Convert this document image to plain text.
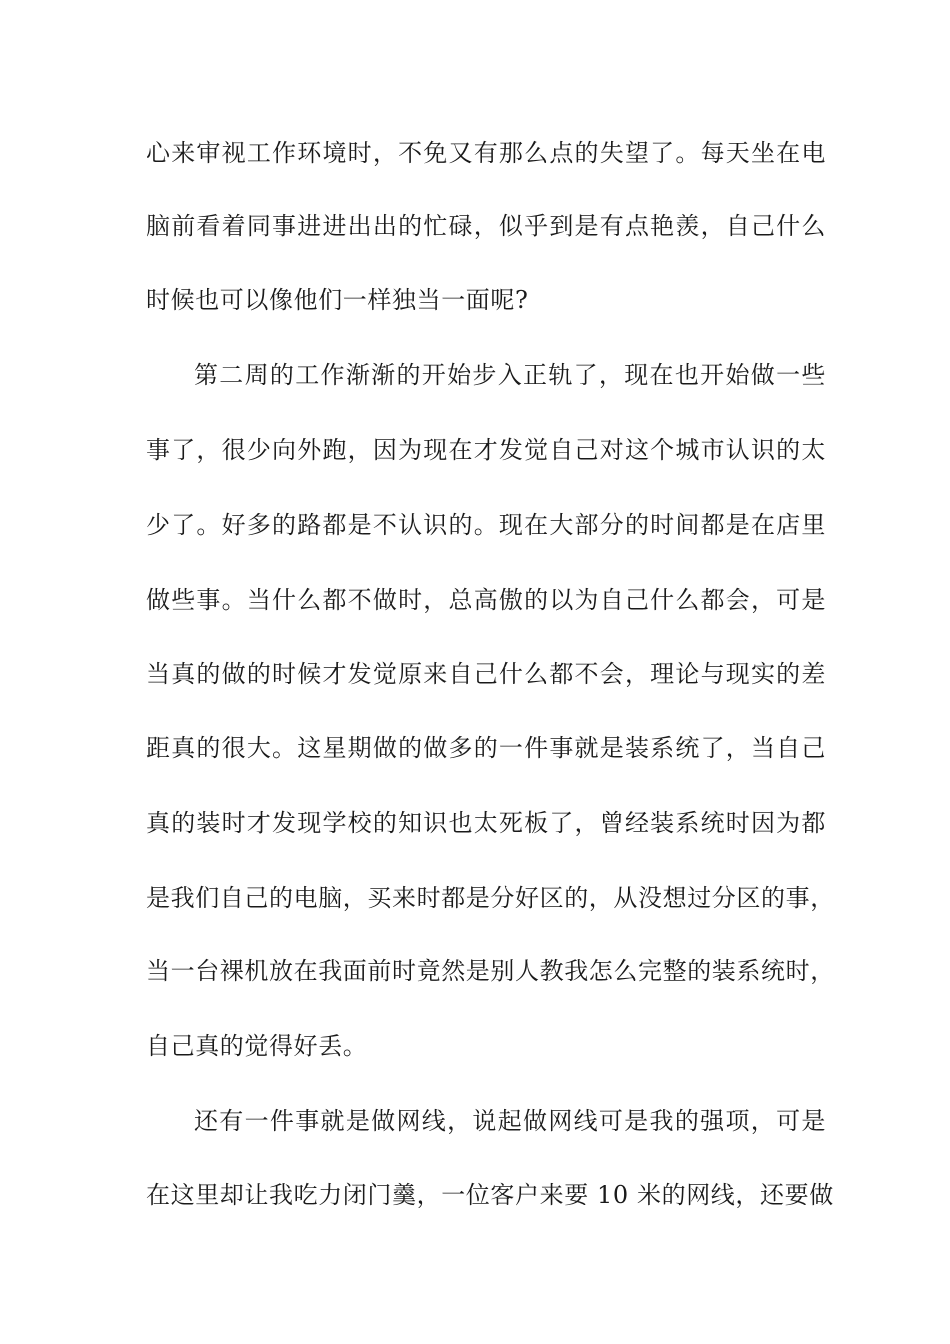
心来审视工作环境时，不免又有那么点的失望了。每天坐在电
脑前看着同事进进出出的忙碌，似乎到是有点艳羡，自己什么
时候也可以像他们一样独当一面呢?
第二周的工作渐渐的开始步入正轨了，现在也开始做一些
事了，很少向外跑，因为现在才发觉自己对这个城市认识的太
少了。好多的路都是不认识的。现在大部分的时间都是在店里
做些事。当什么都不做时，总高傲的以为自己什么都会，可是
当真的做的时候才发觉原来自己什么都不会，理论与现实的差
距真的很大。这星期做的做多的一件事就是装系统了，当自己
真的装时才发现学校的知识也太死板了，曾经装系统时因为都
是我们自己的电脑，买来时都是分好区的，从没想过分区的事，
当一台裸机放在我面前时竟然是别人教我怎么完整的装系统时，
自己真的觉得好丢。
还有一件事就是做网线，说起做网线可是我的强项，可是
在这里却让我吃力闭门羹，一位客户来要 10 米的网线，还要做
